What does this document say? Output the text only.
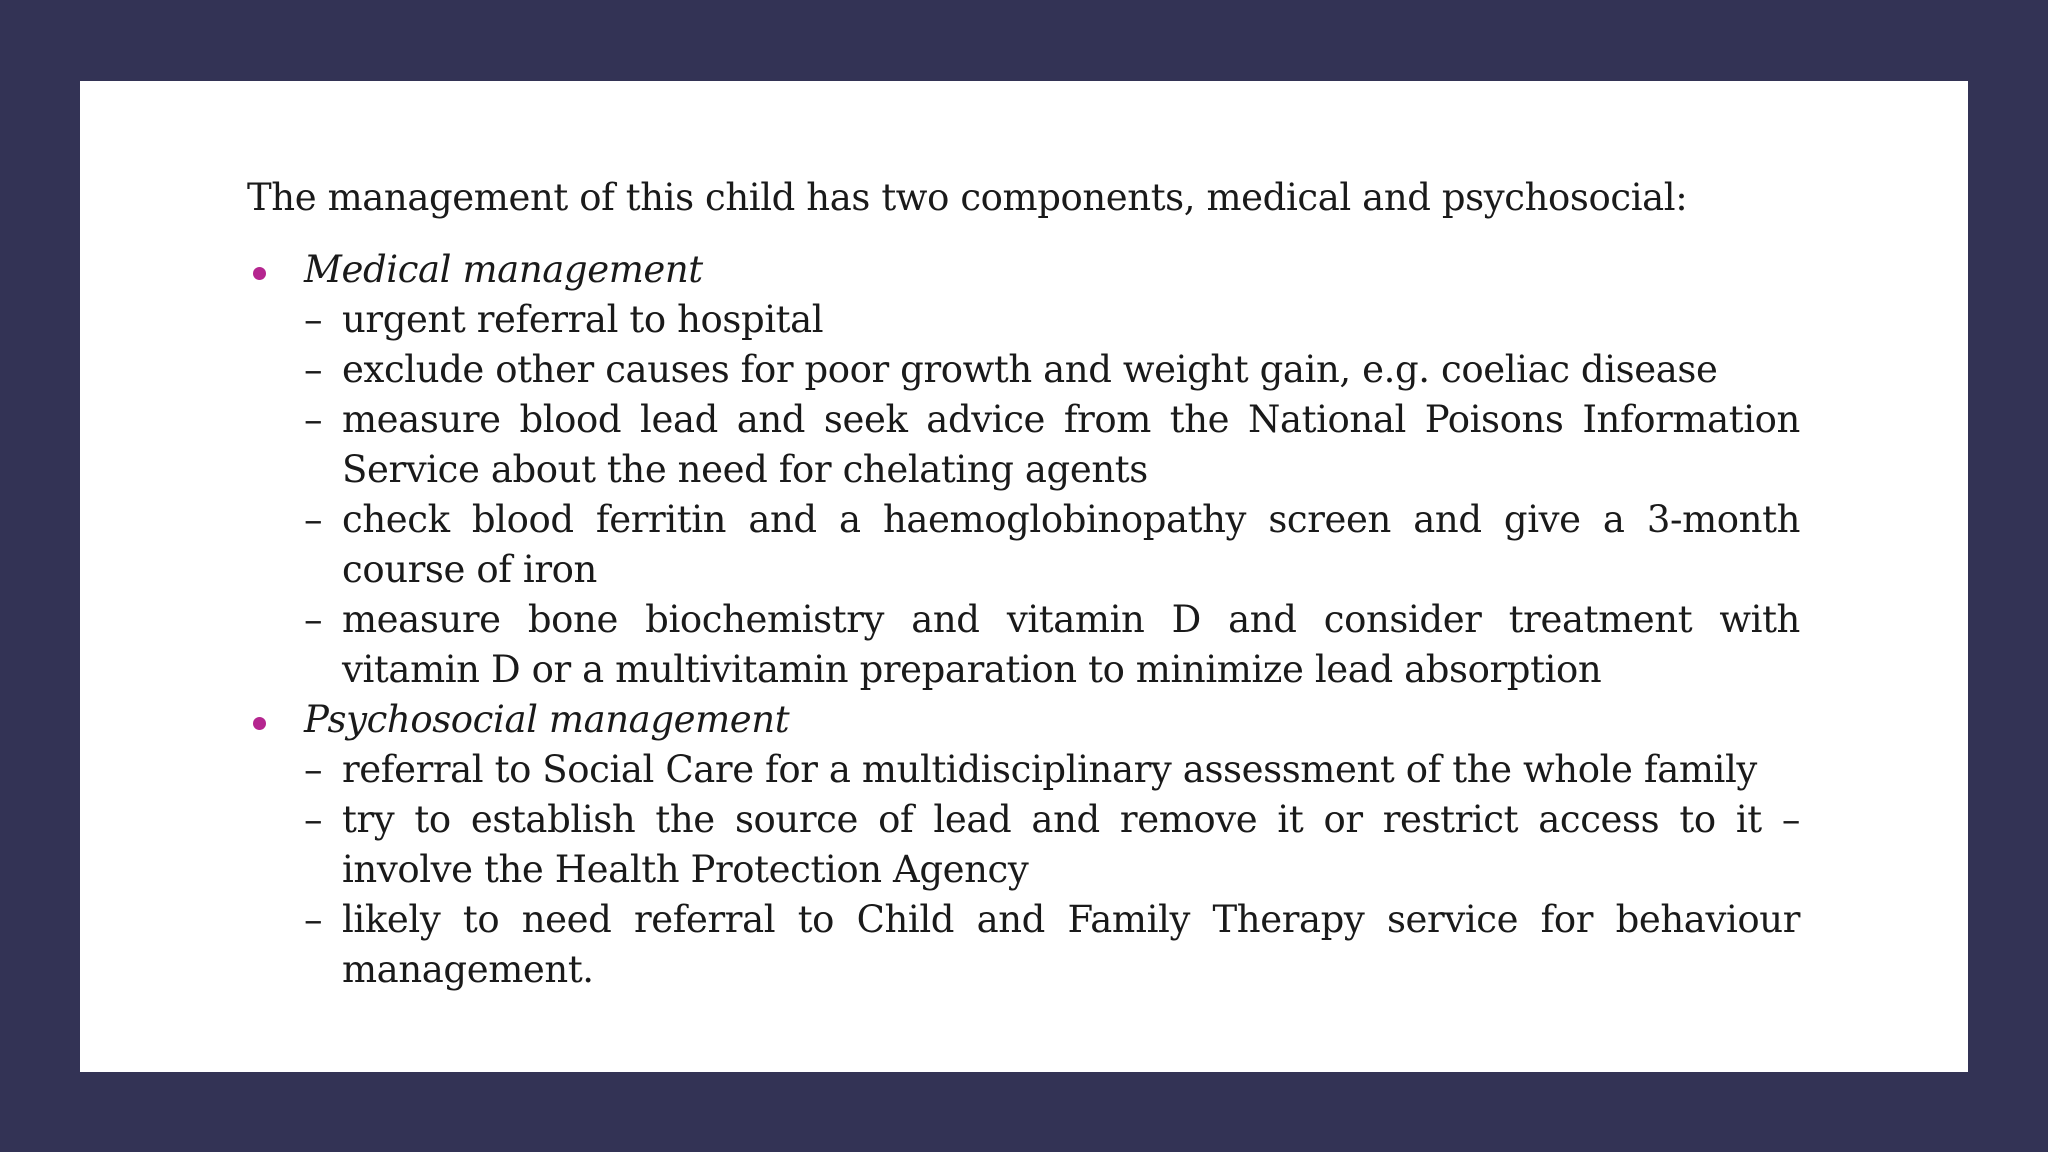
The management of this child has two components, medical and psychosocial:

Medical management
– urgent referral to hospital
– exclude other causes for poor growth and weight gain, e.g. coeliac disease
– measure blood lead and seek advice from the National Poisons Information Service about the need for chelating agents
– check blood ferritin and a haemoglobinopathy screen and give a 3-month course of iron
– measure bone biochemistry and vitamin D and consider treatment with vitamin D or a multivitamin preparation to minimize lead absorption
Psychosocial management
– referral to Social Care for a multidisciplinary assessment of the whole family
– try to establish the source of lead and remove it or restrict access to it – involve the Health Protection Agency
– likely to need referral to Child and Family Therapy service for behaviour management.
